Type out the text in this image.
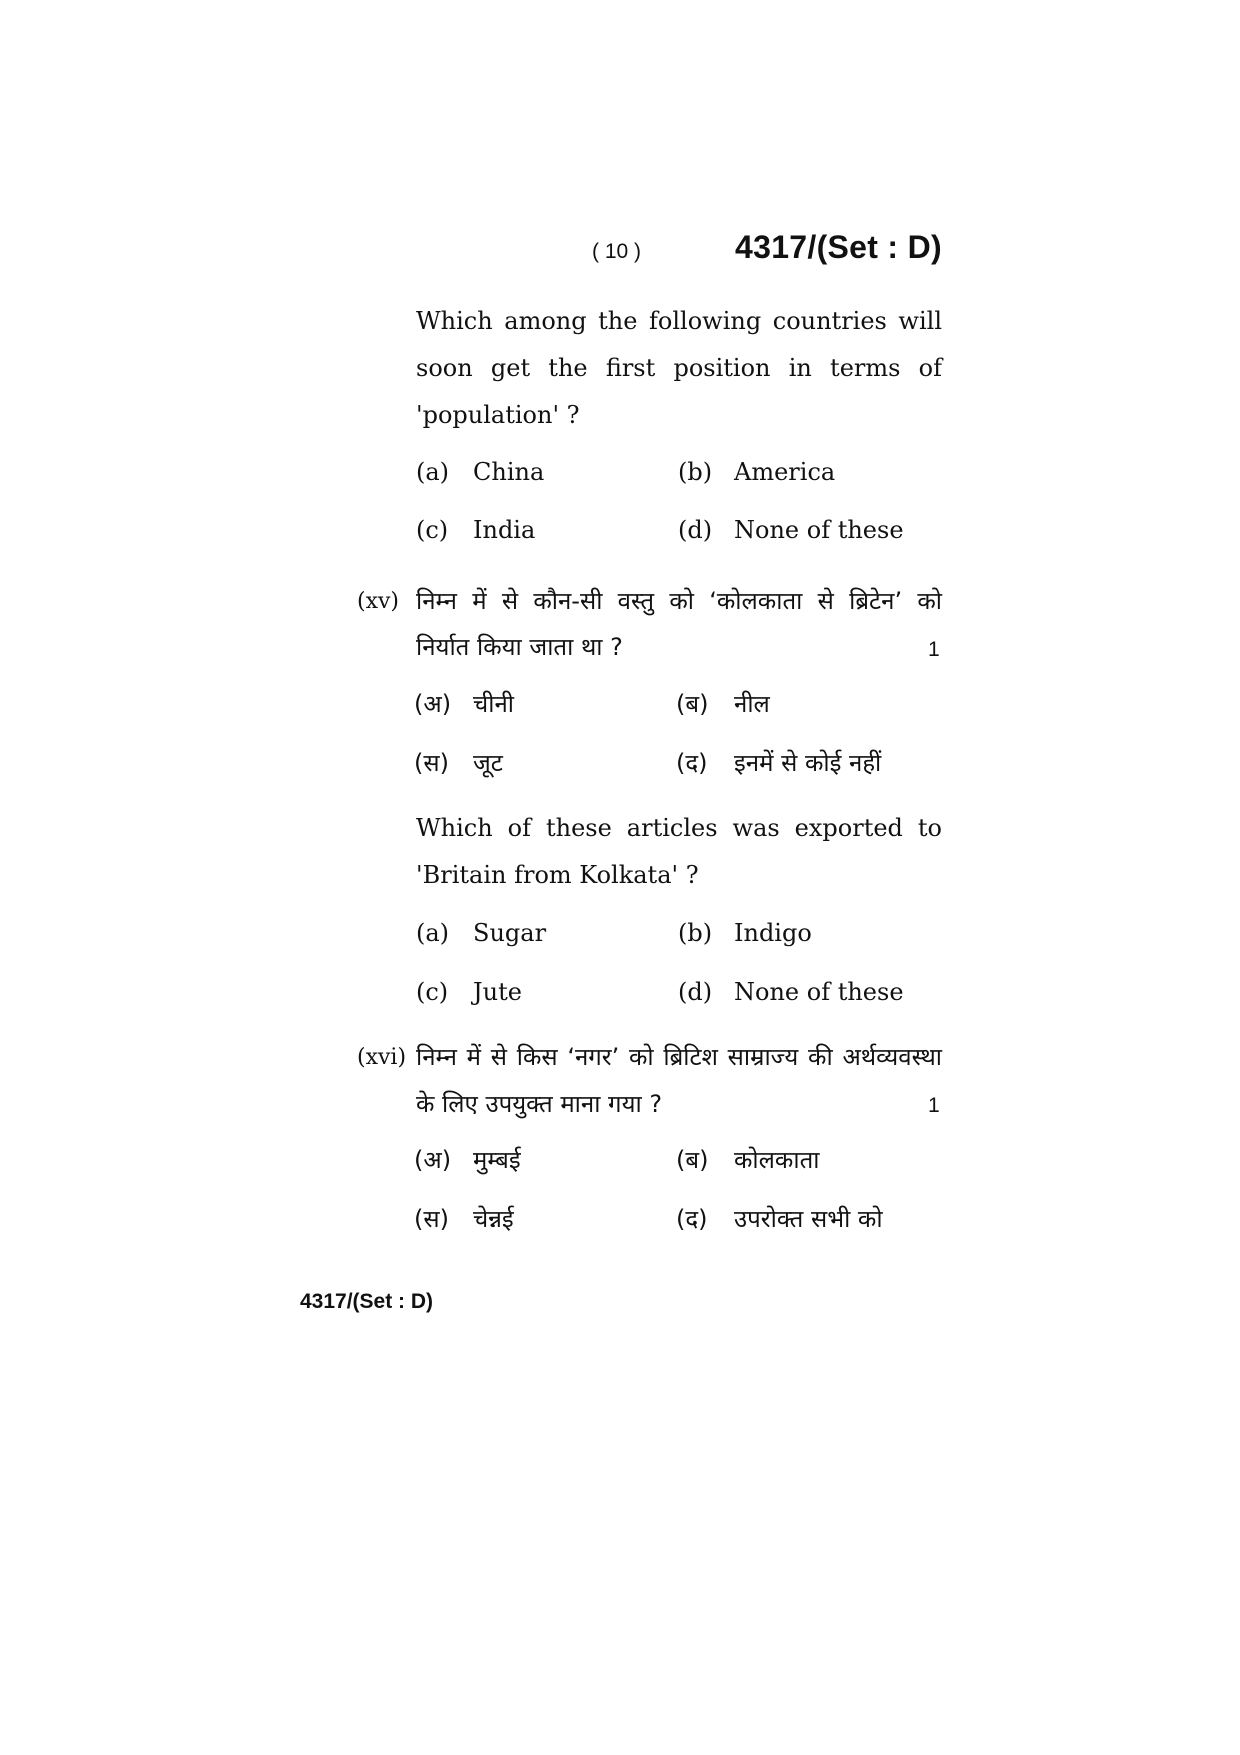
( 10 )	4317/(Set : D)
Which among the following countries will soon get the first position in terms of 'population' ?
(a) China	(b) America
(c) India	(d) None of these
(xv) निम्न में से कौन-सी वस्तु को ‘कोलकाता से ब्रिटेन’ को
निर्यात किया जाता था ?	1
(अ) चीनी	(ब) नील
(स) जूट	(द) इनमें से कोई नहीं
Which of these articles was exported to 'Britain from Kolkata' ?
(a) Sugar	(b) Indigo
(c) Jute	(d) None of these
(xvi) निम्न में से किस ‘नगर’ को ब्रिटिश साम्राज्य की अर्थव्यवस्था
के लिए उपयुक्त माना गया ?	1
(अ) मुम्बई	(ब) कोलकाता
(स) चेन्नई	(द) उपरोक्त सभी को
4317/(Set : D)
